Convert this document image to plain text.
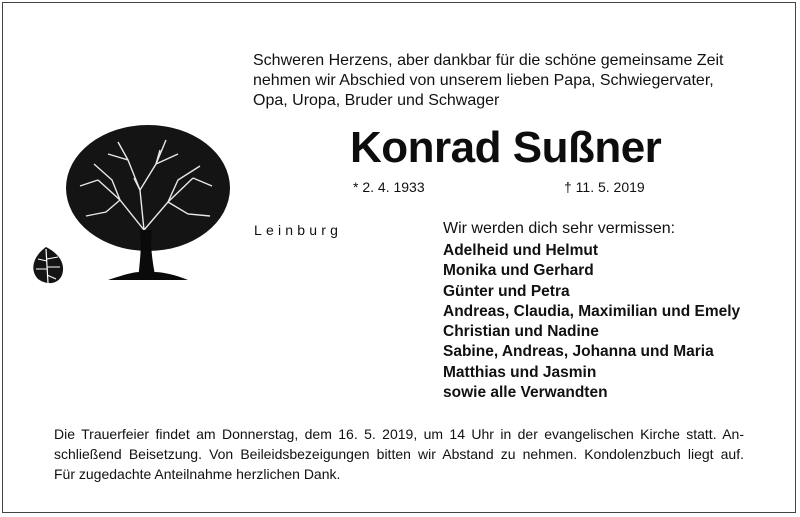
Schweren Herzens, aber dankbar für die schöne gemeinsame Zeit
nehmen wir Abschied von unserem lieben Papa, Schwiegervater,
Opa, Uropa, Bruder und Schwager
Konrad Sußner
* 2. 4. 1933	† 11. 5. 2019
Leinburg	Wir werden dich sehr vermissen:
Adelheid und Helmut
Monika und Gerhard
Günter und Petra
Andreas, Claudia, Maximilian und Emely
Christian und Nadine
Sabine, Andreas, Johanna und Maria
Matthias und Jasmin
sowie alle Verwandten
Die Trauerfeier findet am Donnerstag, dem 16. 5. 2019, um 14 Uhr in der evangelischen Kirche statt. An-
schließend Beisetzung. Von Beileidsbezeigungen bitten wir Abstand zu nehmen. Kondolenzbuch liegt auf.
Für zugedachte Anteilnahme herzlichen Dank.
